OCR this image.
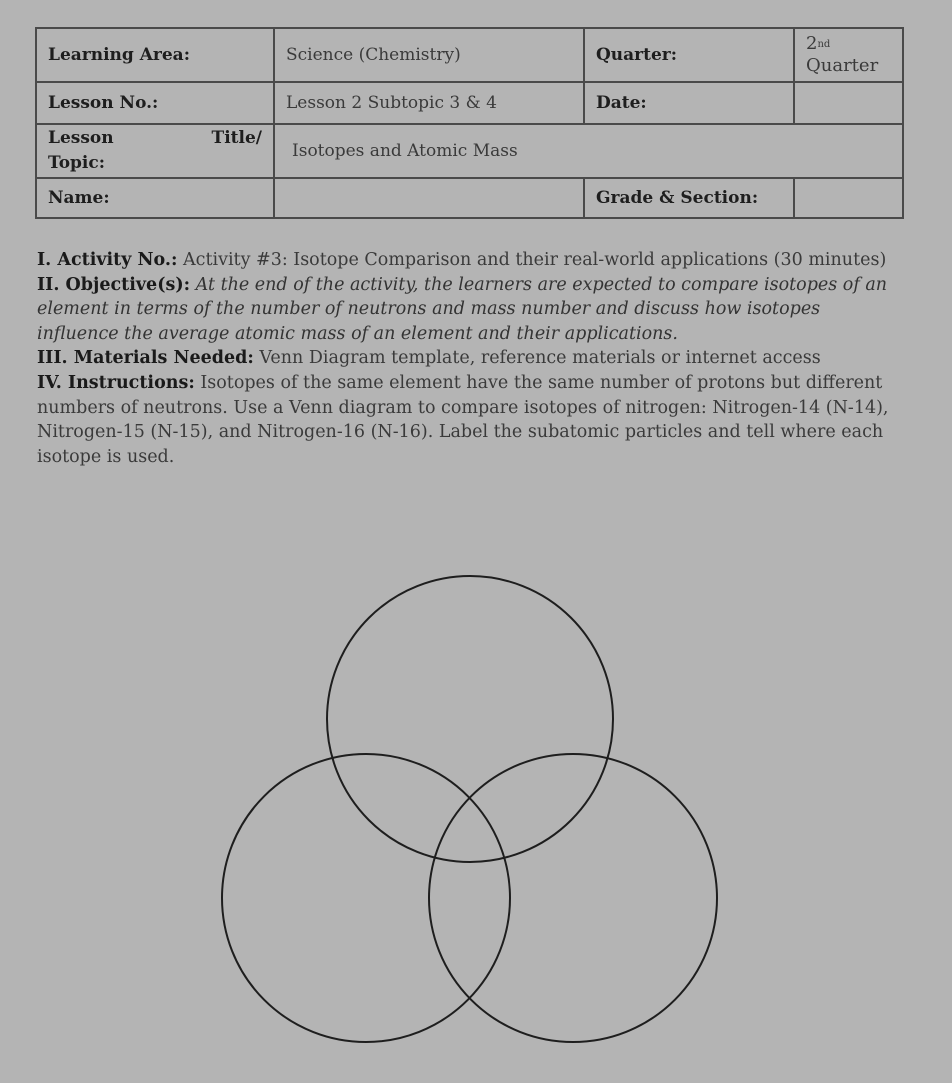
Learning Area:	Science (Chemistry)	Quarter:	2nd
Quarter
Lesson No.:	Lesson 2 Subtopic 3 & 4	Date:	

Lesson Title/
Topic:	Isotopes and Atomic Mass		
Name:		Grade & Section:	

I. Activity No.: Activity #3: Isotope Comparison and their real-world applications (30 minutes)

II. Objective(s): At the end of the activity, the learners are expected to compare isotopes of an element in terms of the number of neutrons and mass number and discuss how isotopes influence the average atomic mass of an element and their applications.

III. Materials Needed: Venn Diagram template, reference materials or internet access

IV. Instructions: Isotopes of the same element have the same number of protons but different numbers of neutrons. Use a Venn diagram to compare isotopes of nitrogen: Nitrogen-14 (N-14), Nitrogen-15 (N-15), and Nitrogen-16 (N-16). Label the subatomic particles and tell where each isotope is used.
